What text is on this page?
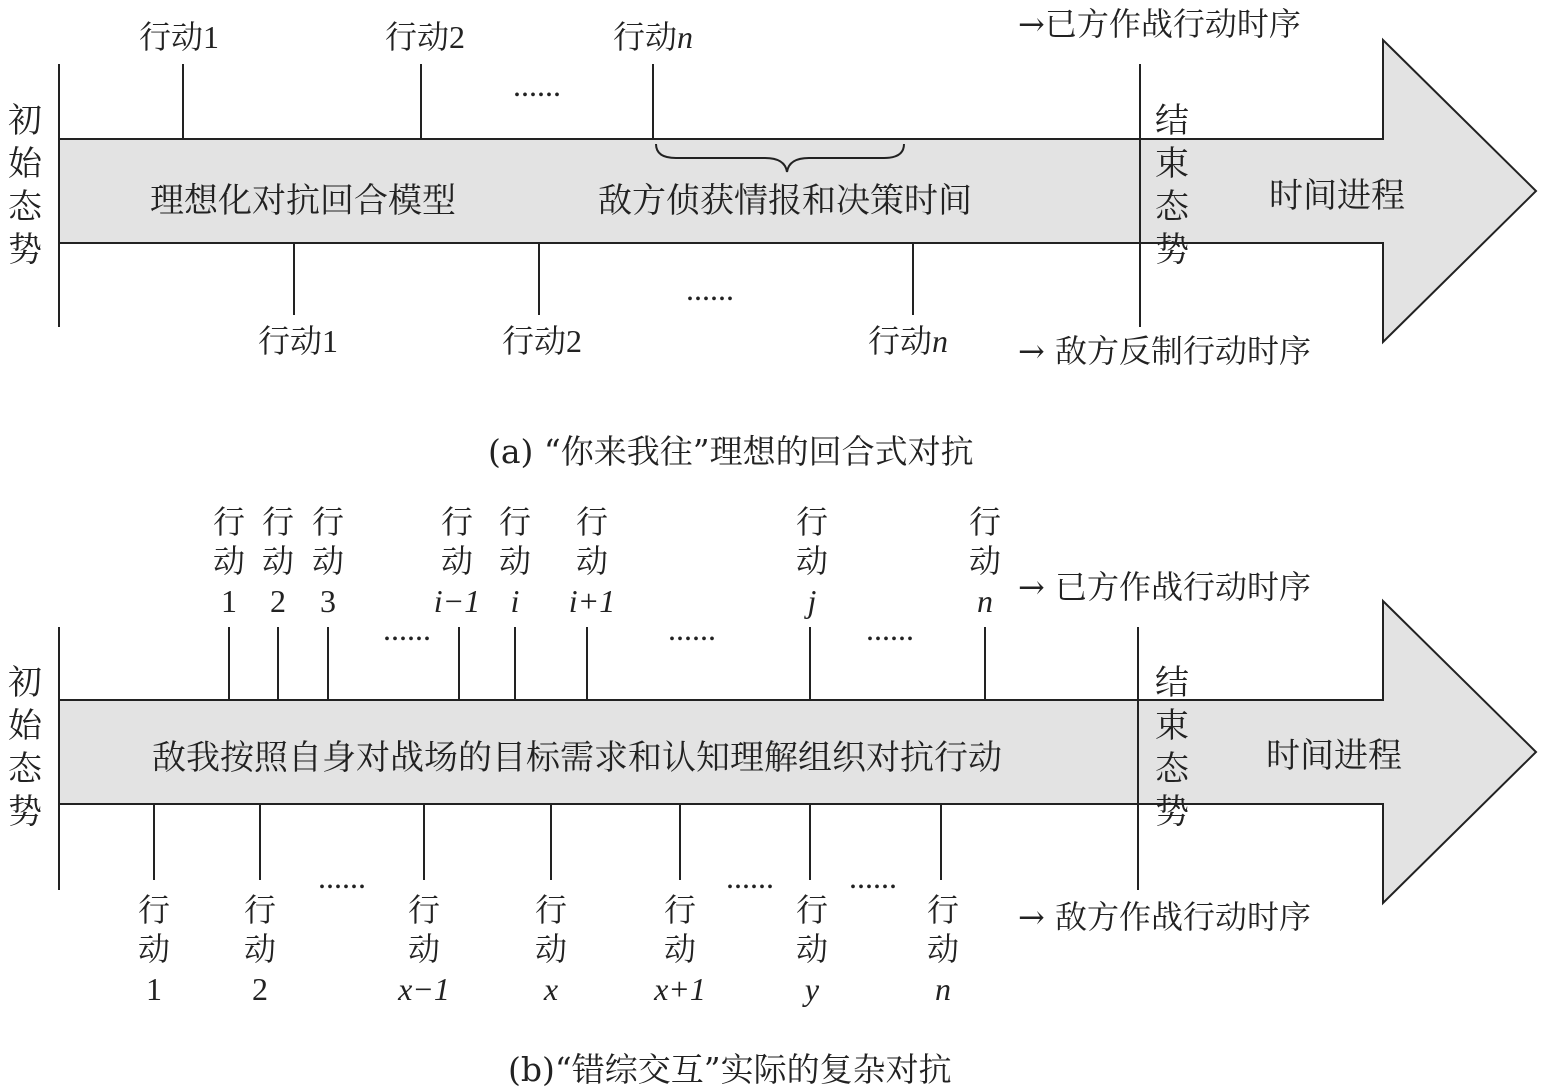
行动1	行动2	行动n
......
行动1	行动2	行动n
......
理想化对抗回合模型	敌方侦获情报和决策时间	时间进程
初
始
态
势
结
束
态
势
→已方作战行动时序
→ 敌方反制行动时序
(a) “你来我往”理想的回合式对抗
行
动
1
行
动
2
行
动
3
行
动
i−1
行
动
i
行
动
i+1
行
动
j
行
动
n
......	......	......
行
动
1
行
动
2
行
动
x−1
行
动
x
行
动
x+1
行
动
y
行
动
n
......	...... ......
敌我按照自身对战场的目标需求和认知理解组织对抗行动	时间进程
初
始
态
势
结
束
态
势
→ 已方作战行动时序
→ 敌方作战行动时序
(b)“错综交互”实际的复杂对抗
